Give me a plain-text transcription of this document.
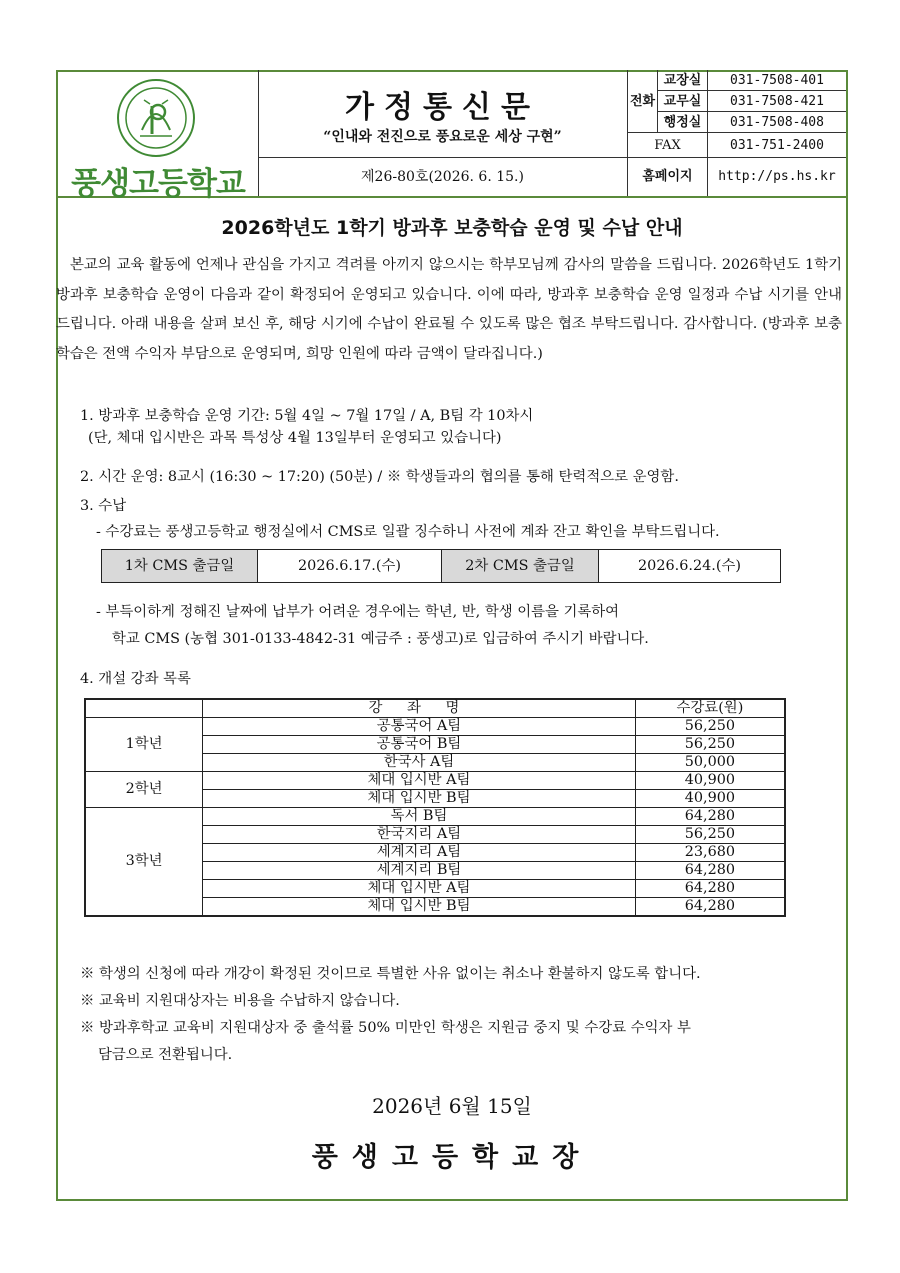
풍생고등학교
가정통신문
“인내와 전진으로 풍요로운 세상 구현”
제26-80호(2026. 6. 15.)
전화
교장실	031-7508-401
교무실	031-7508-421
행정실	031-7508-408
FAX	031-751-2400
홈페이지	http://ps.hs.kr
2026학년도 1학기 방과후 보충학습 운영 및 수납 안내
본교의 교육 활동에 언제나 관심을 가지고 격려를 아끼지 않으시는 학부모님께 감사의 말씀을 드립니다. 2026학년도 1학기 방과후 보충학습 운영이 다음과 같이 확정되어 운영되고 있습니다. 이에 따라, 방과후 보충학습 운영 일정과 수납 시기를 안내드립니다. 아래 내용을 살펴 보신 후, 해당 시기에 수납이 완료될 수 있도록 많은 협조 부탁드립니다. 감사합니다. (방과후 보충학습은 전액 수익자 부담으로 운영되며, 희망 인원에 따라 금액이 달라집니다.)
1. 방과후 보충학습 운영 기간: 5월 4일 ~ 7월 17일 / A, B팀 각 10차시
(단, 체대 입시반은 과목 특성상 4월 13일부터 운영되고 있습니다)
2. 시간 운영: 8교시 (16:30 ~ 17:20) (50분) / ※ 학생들과의 협의를 통해 탄력적으로 운영함.
3. 수납
- 수강료는 풍생고등학교 행정실에서 CMS로 일괄 징수하니 사전에 계좌 잔고 확인을 부탁드립니다.
1차 CMS 출금일	2026.6.17.(수)	2차 CMS 출금일	2026.6.24.(수)
- 부득이하게 정해진 날짜에 납부가 어려운 경우에는 학년, 반, 학생 이름을 기록하여
학교 CMS (농협 301-0133-4842-31 예금주 : 풍생고)로 입금하여 주시기 바랍니다.
4. 개설 강좌 목록
	강 좌 명	수강료(원)
1학년	공통국어 A팀	56,250
	공통국어 B팀	56,250
	한국사 A팀	50,000
2학년	체대 입시반 A팀	40,900
	체대 입시반 B팀	40,900
3학년	독서 B팀	64,280
	한국지리 A팀	56,250
	세계지리 A팀	23,680
	세계지리 B팀	64,280
	체대 입시반 A팀	64,280
	체대 입시반 B팀	64,280
※ 학생의 신청에 따라 개강이 확정된 것이므로 특별한 사유 없이는 취소나 환불하지 않도록 합니다.
※ 교육비 지원대상자는 비용을 수납하지 않습니다.
※ 방과후학교 교육비 지원대상자 중 출석률 50% 미만인 학생은 지원금 중지 및 수강료 수익자 부
담금으로 전환됩니다.
2026년 6월 15일
풍생고등학교장
